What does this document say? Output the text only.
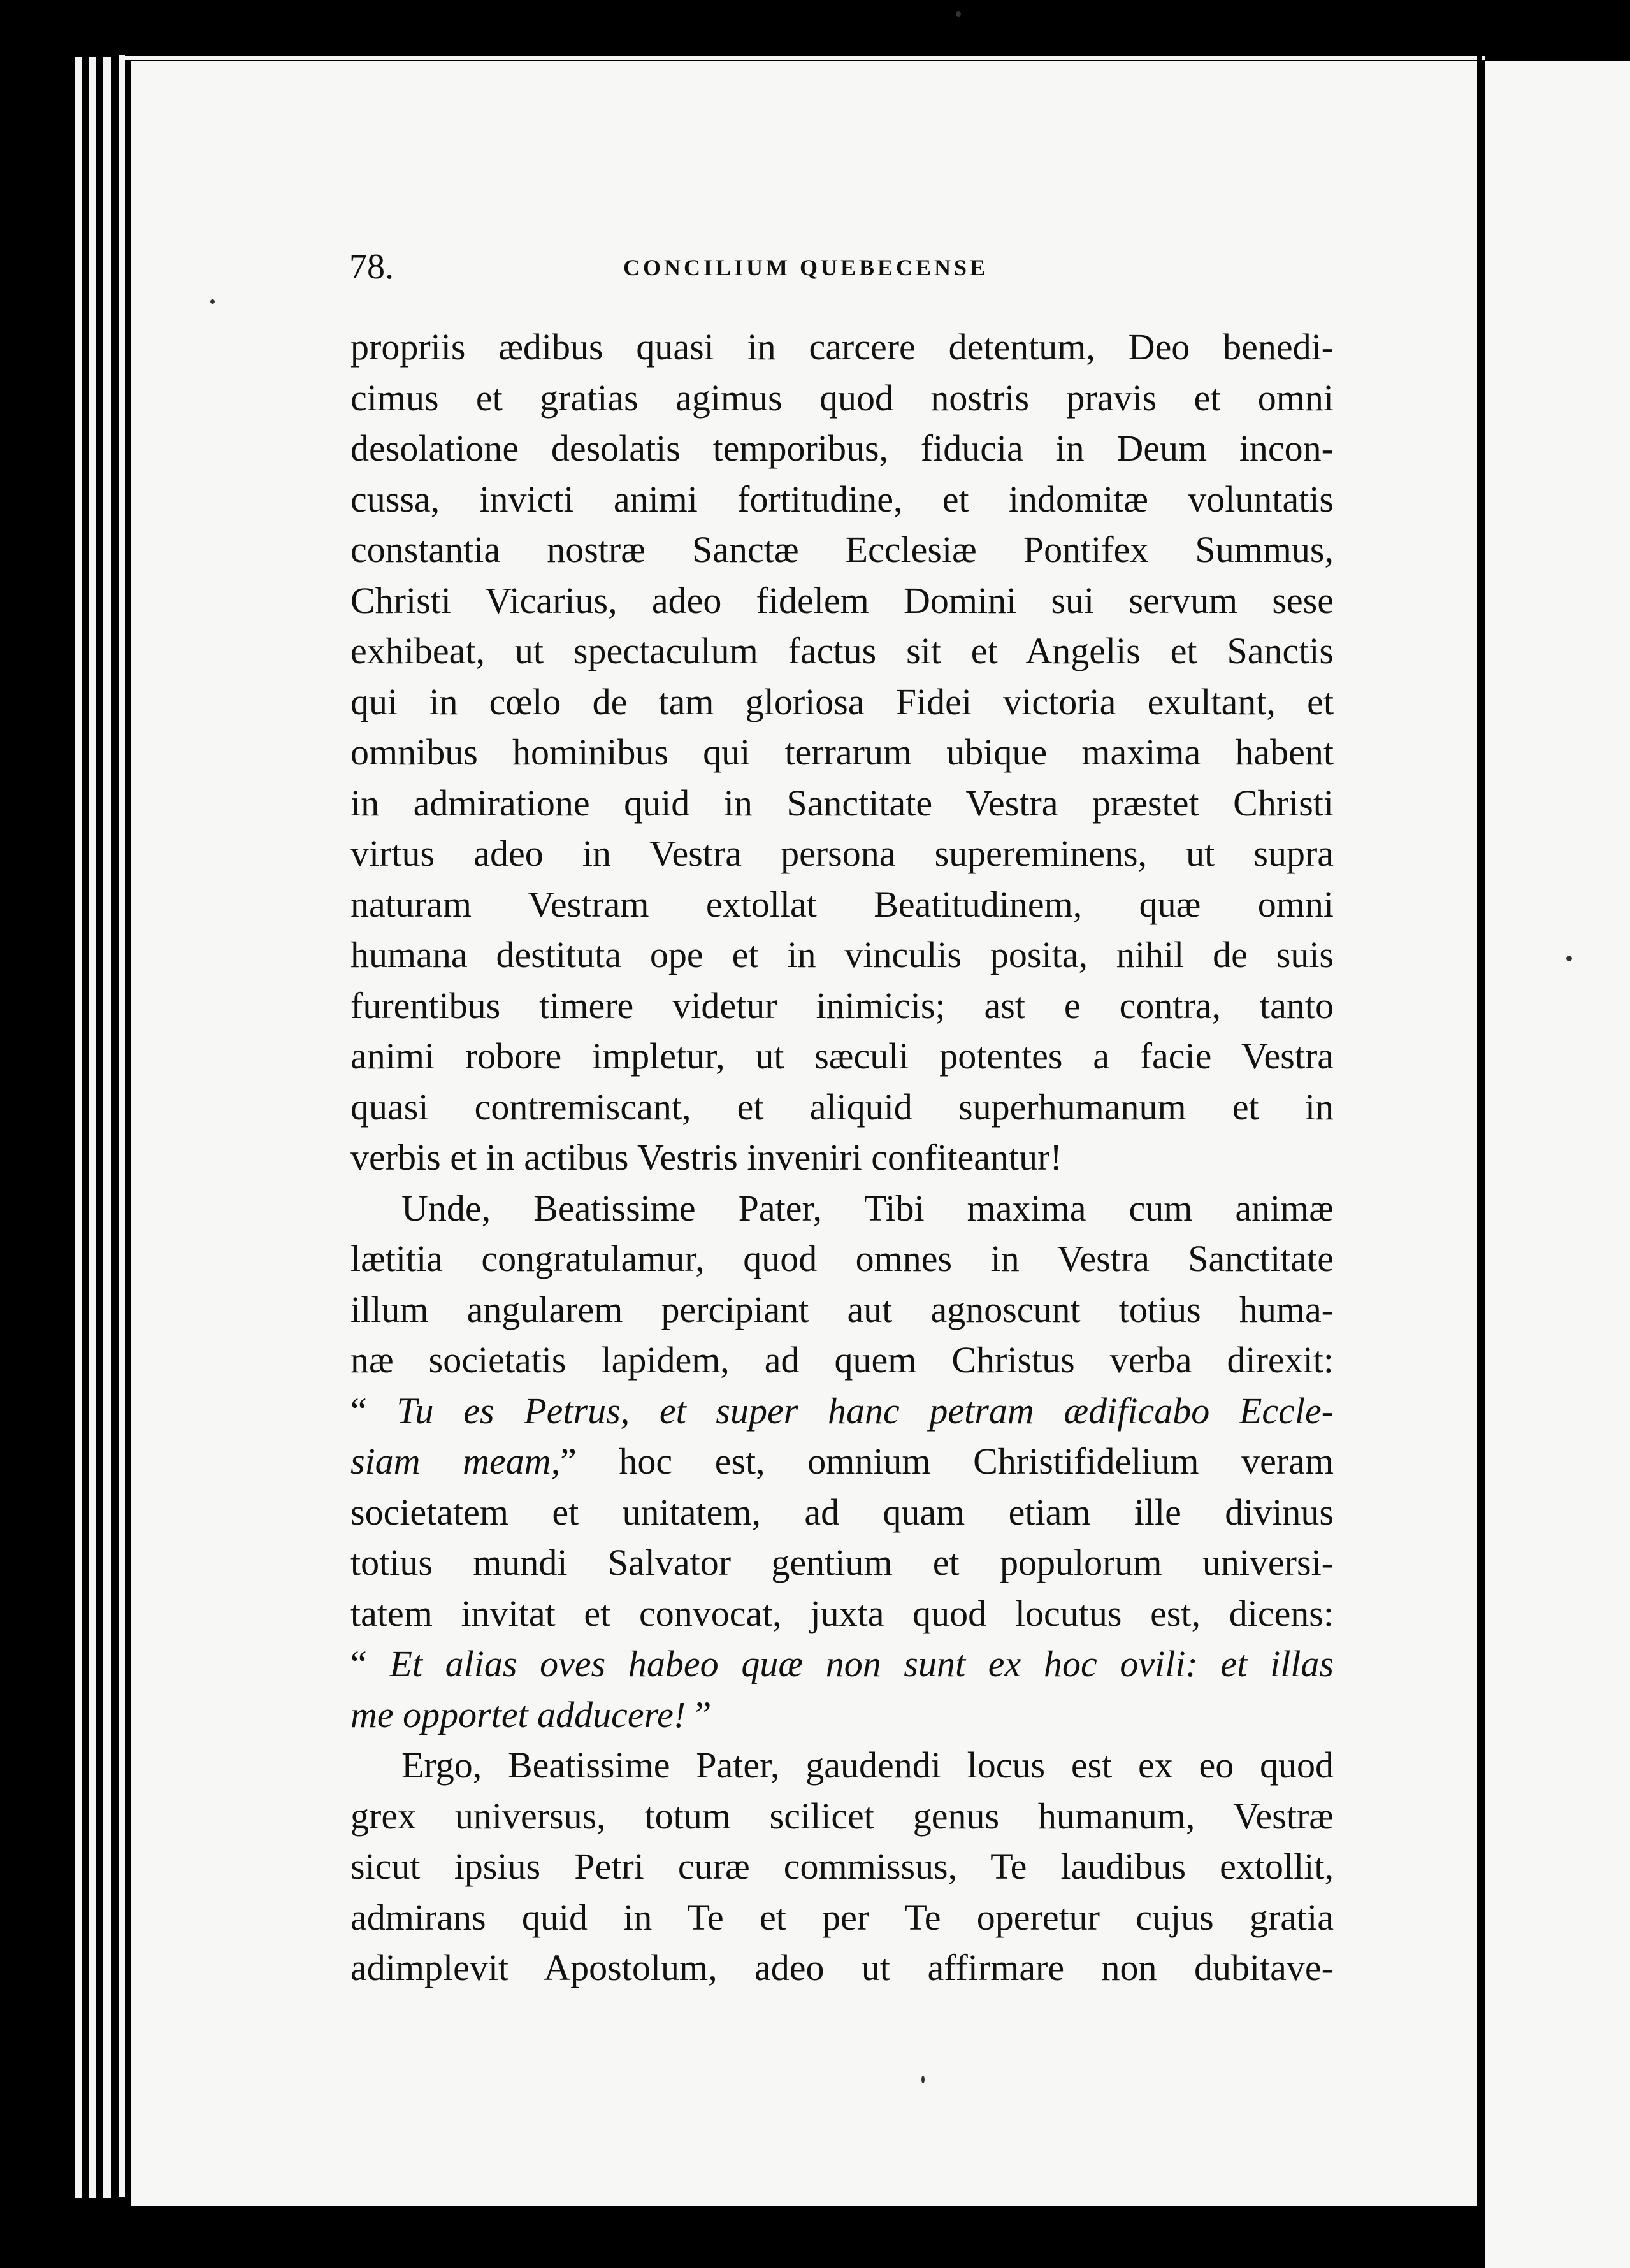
78.	CONCILIUM QUEBECENSE
propriis ædibus quasi in carcere detentum, Deo benedi-
cimus et gratias agimus quod nostris pravis et omni
desolatione desolatis temporibus, fiducia in Deum incon-
cussa, invicti animi fortitudine, et indomitæ voluntatis
constantia nostræ Sanctæ Ecclesiæ Pontifex Summus,
Christi Vicarius, adeo fidelem Domini sui servum sese
exhibeat, ut spectaculum factus sit et Angelis et Sanctis
qui in cœlo de tam gloriosa Fidei victoria exultant, et
omnibus hominibus qui terrarum ubique maxima habent
in admiratione quid in Sanctitate Vestra præstet Christi
virtus adeo in Vestra persona supereminens, ut supra
naturam Vestram extollat Beatitudinem, quæ omni
humana destituta ope et in vinculis posita, nihil de suis
furentibus timere videtur inimicis; ast e contra, tanto
animi robore impletur, ut sæculi potentes a facie Vestra
quasi contremiscant, et aliquid superhumanum et in
verbis et in actibus Vestris inveniri confiteantur!
Unde, Beatissime Pater, Tibi maxima cum animæ
lætitia congratulamur, quod omnes in Vestra Sanctitate
illum angularem percipiant aut agnoscunt totius huma-
næ societatis lapidem, ad quem Christus verba direxit:
“ Tu es Petrus, et super hanc petram ædificabo Eccle-
siam meam,” hoc est, omnium Christifidelium veram
societatem et unitatem, ad quam etiam ille divinus
totius mundi Salvator gentium et populorum universi-
tatem invitat et convocat, juxta quod locutus est, dicens:
“ Et alias oves habeo quæ non sunt ex hoc ovili: et illas
me opportet adducere! ”
Ergo, Beatissime Pater, gaudendi locus est ex eo quod
grex universus, totum scilicet genus humanum, Vestræ
sicut ipsius Petri curæ commissus, Te laudibus extollit,
admirans quid in Te et per Te operetur cujus gratia
adimplevit Apostolum, adeo ut affirmare non dubitave-
